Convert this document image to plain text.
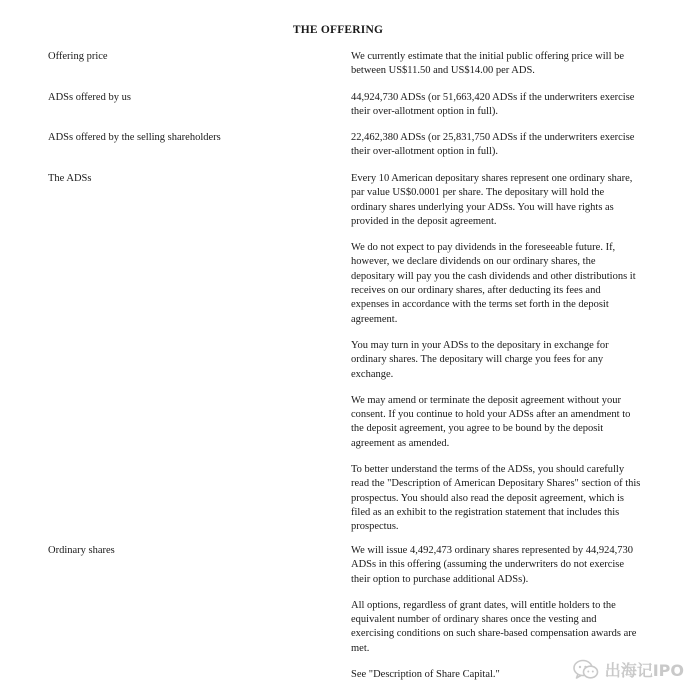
THE OFFERING
Offering price	We currently estimate that the initial public offering price will be between US$11.50 and US$14.00 per ADS.

ADSs offered by us	44,924,730 ADSs (or 51,663,420 ADSs if the underwriters exercise their over-allotment option in full).

ADSs offered by the selling shareholders	22,462,380 ADSs (or 25,831,750 ADSs if the underwriters exercise their over-allotment option in full).

The ADSs	Every 10 American depositary shares represent one ordinary share, par value US$0.0001 per share. The depositary will hold the ordinary shares underlying your ADSs. You will have rights as provided in the deposit agreement.

We do not expect to pay dividends in the foreseeable future. If, however, we declare dividends on our ordinary shares, the depositary will pay you the cash dividends and other distributions it receives on our ordinary shares, after deducting its fees and expenses in accordance with the terms set forth in the deposit agreement.

You may turn in your ADSs to the depositary in exchange for ordinary shares. The depositary will charge you fees for any exchange.

We may amend or terminate the deposit agreement without your consent. If you continue to hold your ADSs after an amendment to the deposit agreement, you agree to be bound by the deposit agreement as amended.

To better understand the terms of the ADSs, you should carefully read the "Description of American Depositary Shares" section of this prospectus. You should also read the deposit agreement, which is filed as an exhibit to the registration statement that includes this prospectus.

Ordinary shares	We will issue 4,492,473 ordinary shares represented by 44,924,730 ADSs in this offering (assuming the underwriters do not exercise their option to purchase additional ADSs).

All options, regardless of grant dates, will entitle holders to the equivalent number of ordinary shares once the vesting and exercising conditions on such share-based compensation awards are met.

See "Description of Share Capital."	出海记IPO
